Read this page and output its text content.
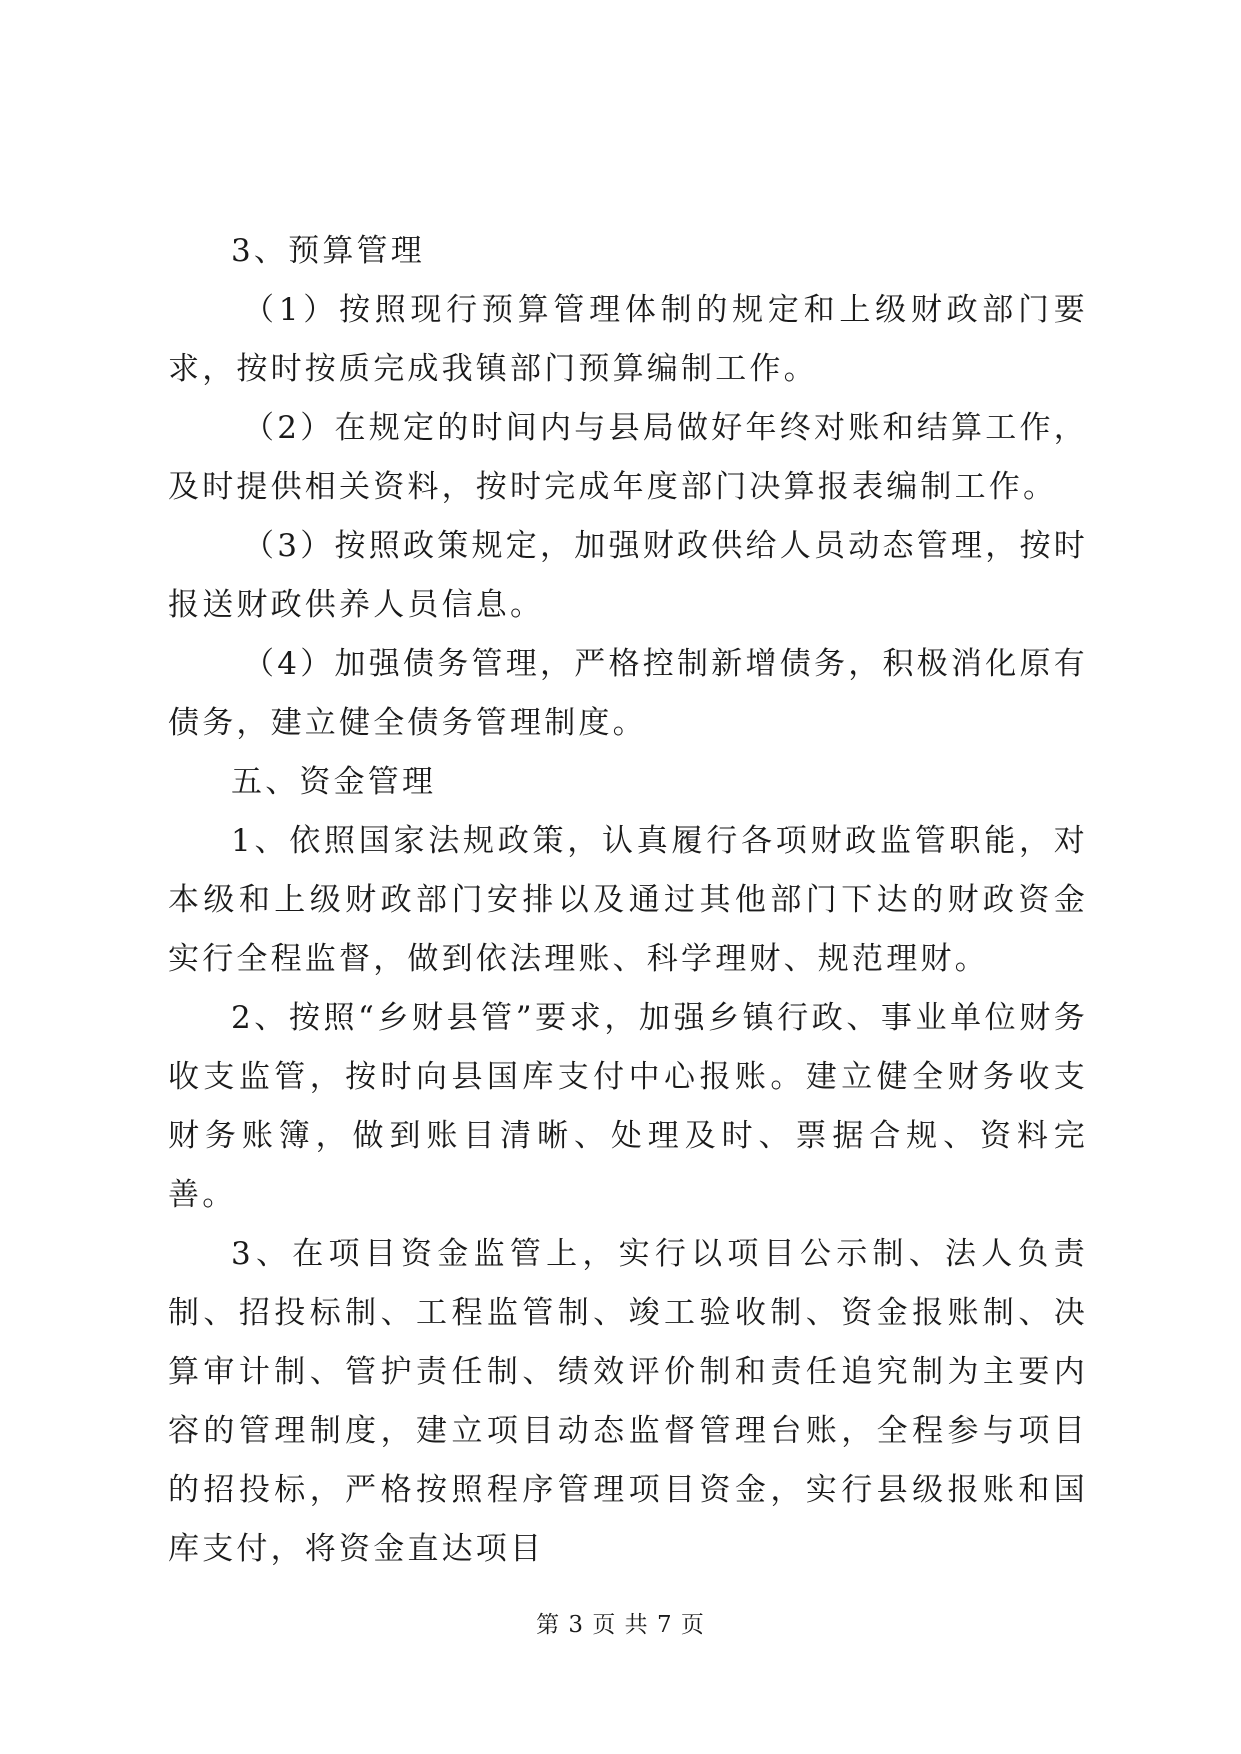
3、预算管理

（1）按照现行预算管理体制的规定和上级财政部门要求，按时按质完成我镇部门预算编制工作。

（2）在规定的时间内与县局做好年终对账和结算工作，及时提供相关资料，按时完成年度部门决算报表编制工作。

（3）按照政策规定，加强财政供给人员动态管理，按时报送财政供养人员信息。

（4）加强债务管理，严格控制新增债务，积极消化原有债务，建立健全债务管理制度。

五、资金管理

1、依照国家法规政策，认真履行各项财政监管职能，对本级和上级财政部门安排以及通过其他部门下达的财政资金实行全程监督，做到依法理账、科学理财、规范理财。

2、按照“乡财县管”要求，加强乡镇行政、事业单位财务收支监管，按时向县国库支付中心报账。建立健全财务收支财务账簿，做到账目清晰、处理及时、票据合规、资料完善。

3、在项目资金监管上，实行以项目公示制、法人负责制、招投标制、工程监管制、竣工验收制、资金报账制、决算审计制、管护责任制、绩效评价制和责任追究制为主要内容的管理制度，建立项目动态监督管理台账，全程参与项目的招投标，严格按照程序管理项目资金，实行县级报账和国库支付，将资金直达项目

第 3 页 共 7 页
